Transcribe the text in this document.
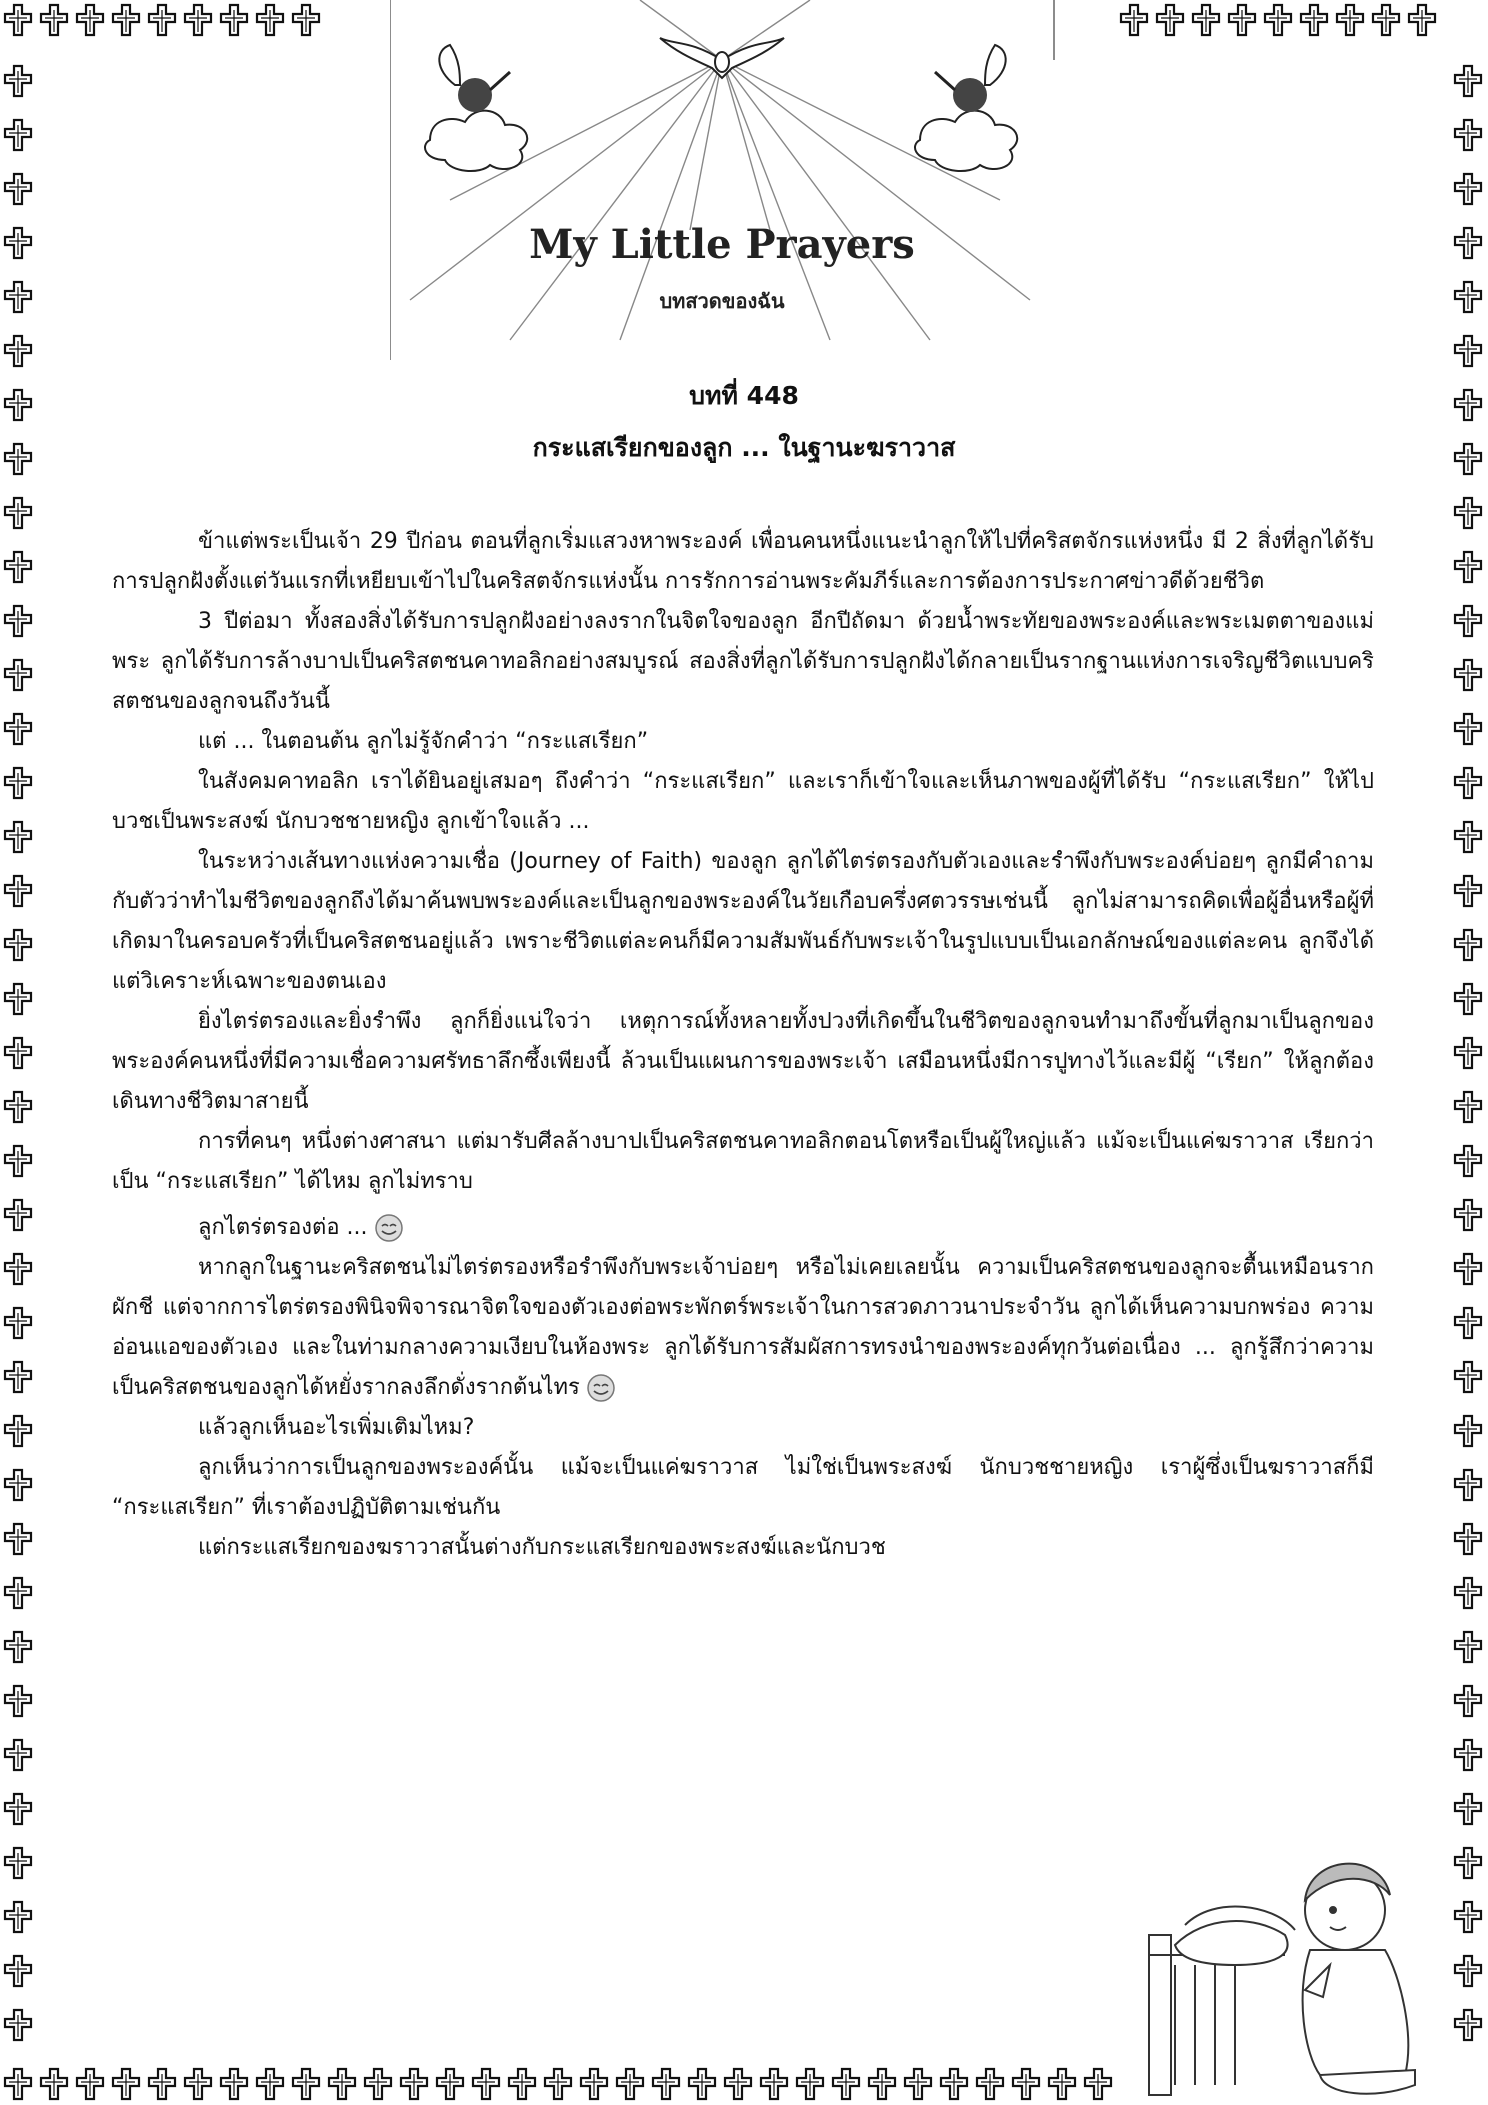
My Little Prayers
บทสวดของฉัน
บทที่ 448
กระแสเรียกของลูก ... ในฐานะฆราวาส

ข้าแต่พระเป็นเจ้า 29 ปีก่อน ตอนที่ลูกเริ่มแสวงหาพระองค์ เพื่อนคนหนึ่งแนะนำลูกให้ไปที่คริสตจักรแห่งหนึ่ง มี 2 สิ่งที่ลูกได้รับการปลูกฝังตั้งแต่วันแรกที่เหยียบเข้าไปในคริสตจักรแห่งนั้น การรักการอ่านพระคัมภีร์และการต้องการประกาศข่าวดีด้วยชีวิต

3 ปีต่อมา ทั้งสองสิ่งได้รับการปลูกฝังอย่างลงรากในจิตใจของลูก อีกปีถัดมา ด้วยน้ำพระทัยของพระองค์และพระเมตตาของแม่พระ ลูกได้รับการล้างบาปเป็นคริสตชนคาทอลิกอย่างสมบูรณ์ สองสิ่งที่ลูกได้รับการปลูกฝังได้กลายเป็นรากฐานแห่งการเจริญชีวิตแบบคริสตชนของลูกจนถึงวันนี้

แต่ ... ในตอนต้น ลูกไม่รู้จักคำว่า “กระแสเรียก”

ในสังคมคาทอลิก เราได้ยินอยู่เสมอๆ ถึงคำว่า “กระแสเรียก” และเราก็เข้าใจและเห็นภาพของผู้ที่ได้รับ “กระแสเรียก” ให้ไปบวชเป็นพระสงฆ์ นักบวชชายหญิง ลูกเข้าใจแล้ว ...

ในระหว่างเส้นทางแห่งความเชื่อ (Journey of Faith) ของลูก ลูกได้ไตร่ตรองกับตัวเองและรำพึงกับพระองค์บ่อยๆ ลูกมีคำถามกับตัวว่าทำไมชีวิตของลูกถึงได้มาค้นพบพระองค์และเป็นลูกของพระองค์ในวัยเกือบครึ่งศตวรรษเช่นนี้ ลูกไม่สามารถคิดเพื่อผู้อื่นหรือผู้ที่เกิดมาในครอบครัวที่เป็นคริสตชนอยู่แล้ว เพราะชีวิตแต่ละคนก็มีความสัมพันธ์กับพระเจ้าในรูปแบบเป็นเอกลักษณ์ของแต่ละคน ลูกจึงได้แต่วิเคราะห์เฉพาะของตนเอง

ยิ่งไตร่ตรองและยิ่งรำพึง ลูกก็ยิ่งแน่ใจว่า เหตุการณ์ทั้งหลายทั้งปวงที่เกิดขึ้นในชีวิตของลูกจนทำมาถึงขั้นที่ลูกมาเป็นลูกของพระองค์คนหนึ่งที่มีความเชื่อความศรัทธาลึกซึ้งเพียงนี้ ล้วนเป็นแผนการของพระเจ้า เสมือนหนึ่งมีการปูทางไว้และมีผู้ “เรียก” ให้ลูกต้องเดินทางชีวิตมาสายนี้

การที่คนๆ หนึ่งต่างศาสนา แต่มารับศีลล้างบาปเป็นคริสตชนคาทอลิกตอนโตหรือเป็นผู้ใหญ่แล้ว แม้จะเป็นแค่ฆราวาส เรียกว่าเป็น “กระแสเรียก” ได้ไหม ลูกไม่ทราบ

ลูกไตร่ตรองต่อ ...

หากลูกในฐานะคริสตชนไม่ไตร่ตรองหรือรำพึงกับพระเจ้าบ่อยๆ หรือไม่เคยเลยนั้น ความเป็นคริสตชนของลูกจะตื้นเหมือนรากผักชี แต่จากการไตร่ตรองพินิจพิจารณาจิตใจของตัวเองต่อพระพักตร์พระเจ้าในการสวดภาวนาประจำวัน ลูกได้เห็นความบกพร่อง ความอ่อนแอของตัวเอง และในท่ามกลางความเงียบในห้องพระ ลูกได้รับการสัมผัสการทรงนำของพระองค์ทุกวันต่อเนื่อง ... ลูกรู้สึกว่าความเป็นคริสตชนของลูกได้หยั่งรากลงลึกดั่งรากต้นไทร

แล้วลูกเห็นอะไรเพิ่มเติมไหม?

ลูกเห็นว่าการเป็นลูกของพระองค์นั้น แม้จะเป็นแค่ฆราวาส ไม่ใช่เป็นพระสงฆ์ นักบวชชายหญิง เราผู้ซึ่งเป็นฆราวาสก็มี “กระแสเรียก” ที่เราต้องปฏิบัติตามเช่นกัน

แต่กระแสเรียกของฆราวาสนั้นต่างกับกระแสเรียกของพระสงฆ์และนักบวช
